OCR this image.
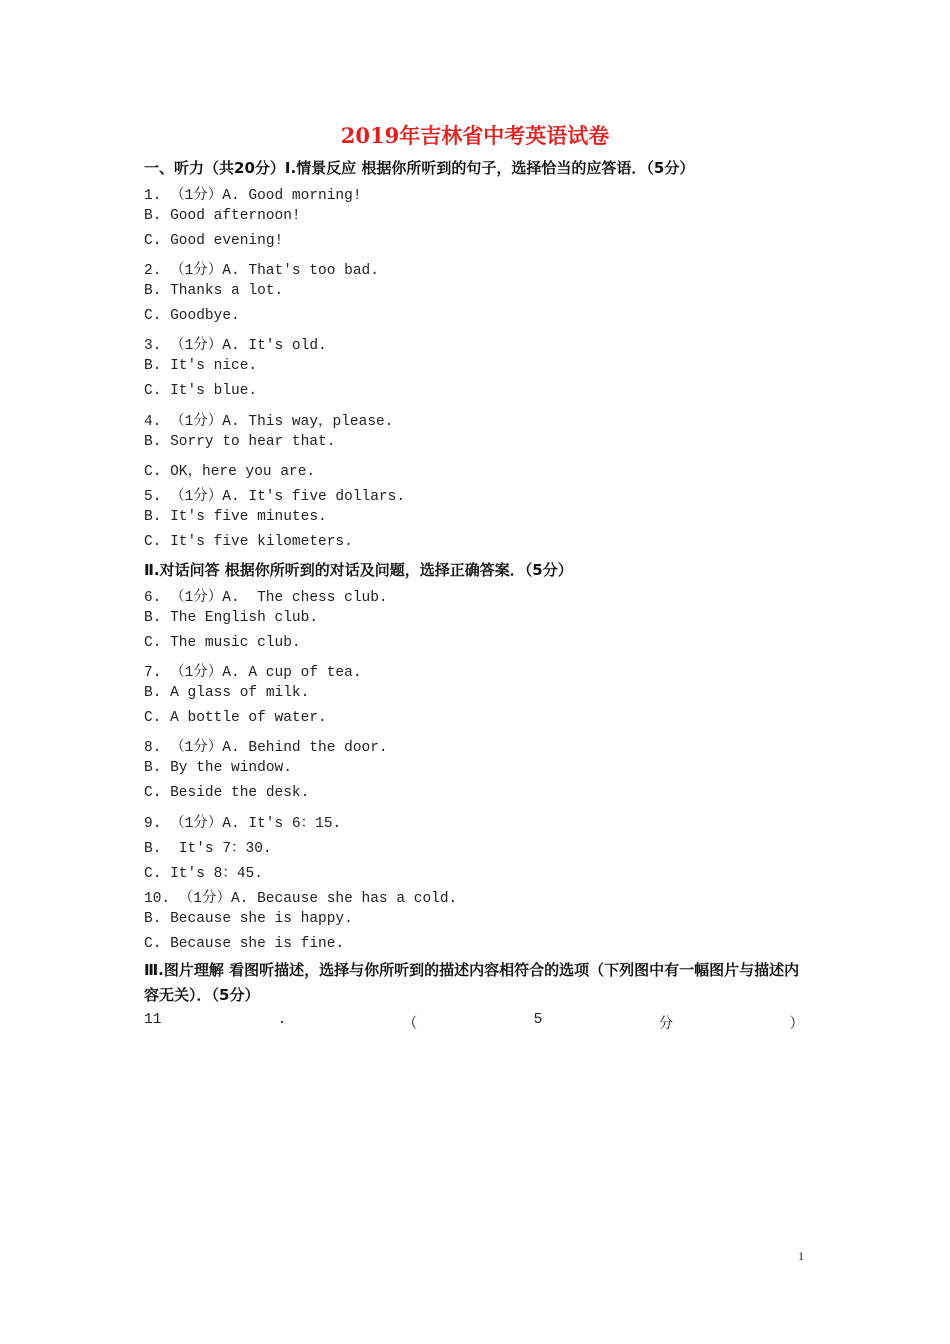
2019年吉林省中考英语试卷
一、听力（共20分）Ⅰ.情景反应 根据你所听到的句子，选择恰当的应答语．（5分）
1. （1分）A. Good morning!
B. Good afternoon!
C. Good evening!
2. （1分）A. That's too bad.
B. Thanks a lot.
C. Goodbye.
3. （1分）A. It's old.
B. It's nice.
C. It's blue.
4. （1分）A. This way，please.
B. Sorry to hear that.
C. OK，here you are.
5. （1分）A. It's five dollars.
B. It's five minutes.
C. It's five kilometers.
Ⅱ.对话问答 根据你所听到的对话及问题，选择正确答案．（5分）
6. （1分）A.  The chess club.
B. The English club.
C. The music club.
7. （1分）A. A cup of tea.
B. A glass of milk.
C. A bottle of water.
8. （1分）A. Behind the door.
B. By the window.
C. Beside the desk.
9. （1分）A. It's 6：15.
B.  It's 7：30.
C. It's 8：45.
10. （1分）A. Because she has a cold.
B. Because she is happy.
C. Because she is fine.
Ⅲ.图片理解 看图听描述，选择与你所听到的描述内容相符合的选项（下列图中有一幅图片与描述内容无关）．（5分）
11	.	（	5	分	）
1
